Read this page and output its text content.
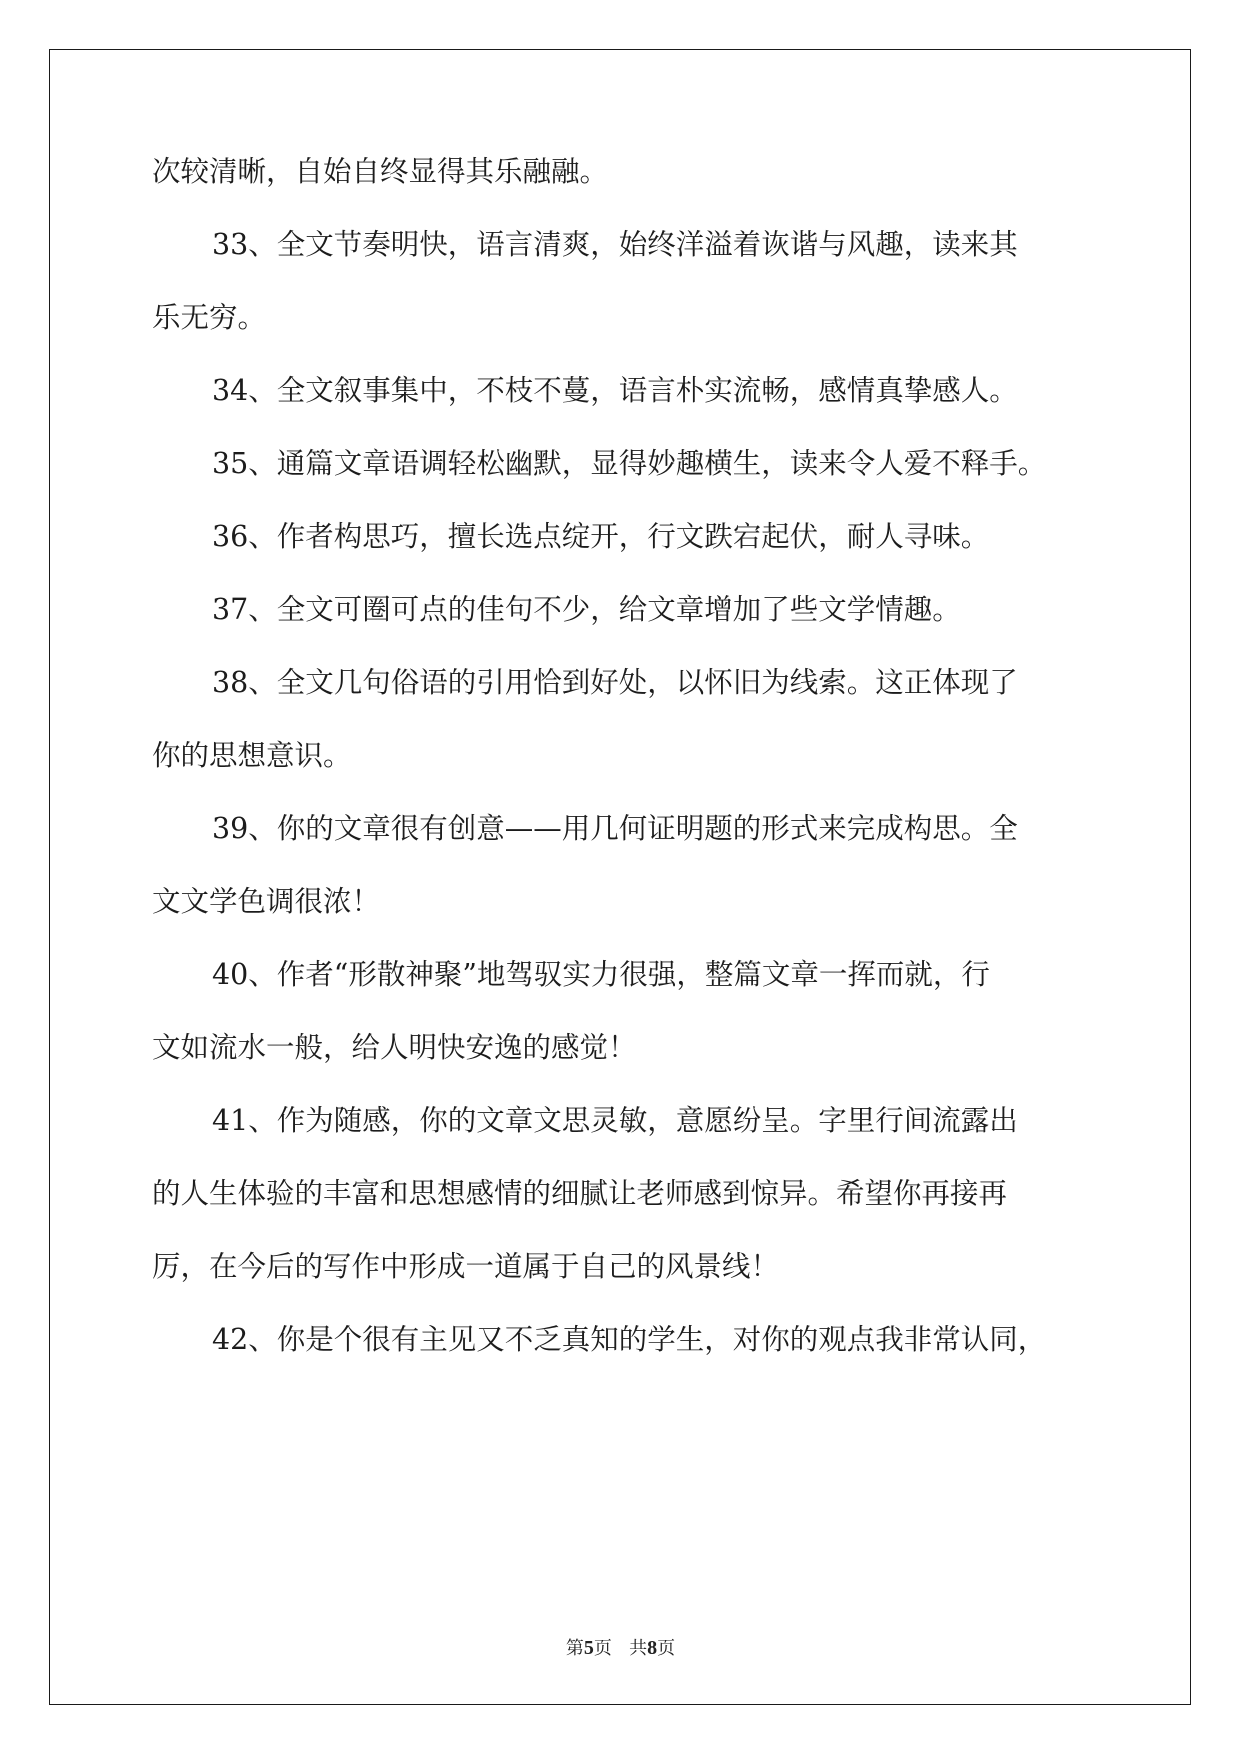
次较清晰，自始自终显得其乐融融。
33、全文节奏明快，语言清爽，始终洋溢着诙谐与风趣，读来其
乐无穷。
34、全文叙事集中，不枝不蔓，语言朴实流畅，感情真挚感人。
35、通篇文章语调轻松幽默，显得妙趣横生，读来令人爱不释手。
36、作者构思巧，擅长选点绽开，行文跌宕起伏，耐人寻味。
37、全文可圈可点的佳句不少，给文章增加了些文学情趣。
38、全文几句俗语的引用恰到好处，以怀旧为线索。这正体现了
你的思想意识。
39、你的文章很有创意——用几何证明题的形式来完成构思。全
文文学色调很浓！
40、作者“形散神聚”地驾驭实力很强，整篇文章一挥而就，行
文如流水一般，给人明快安逸的感觉！
41、作为随感，你的文章文思灵敏，意愿纷呈。字里行间流露出
的人生体验的丰富和思想感情的细腻让老师感到惊异。希望你再接再
厉，在今后的写作中形成一道属于自己的风景线！
42、你是个很有主见又不乏真知的学生，对你的观点我非常认同，
第5页 共8页
